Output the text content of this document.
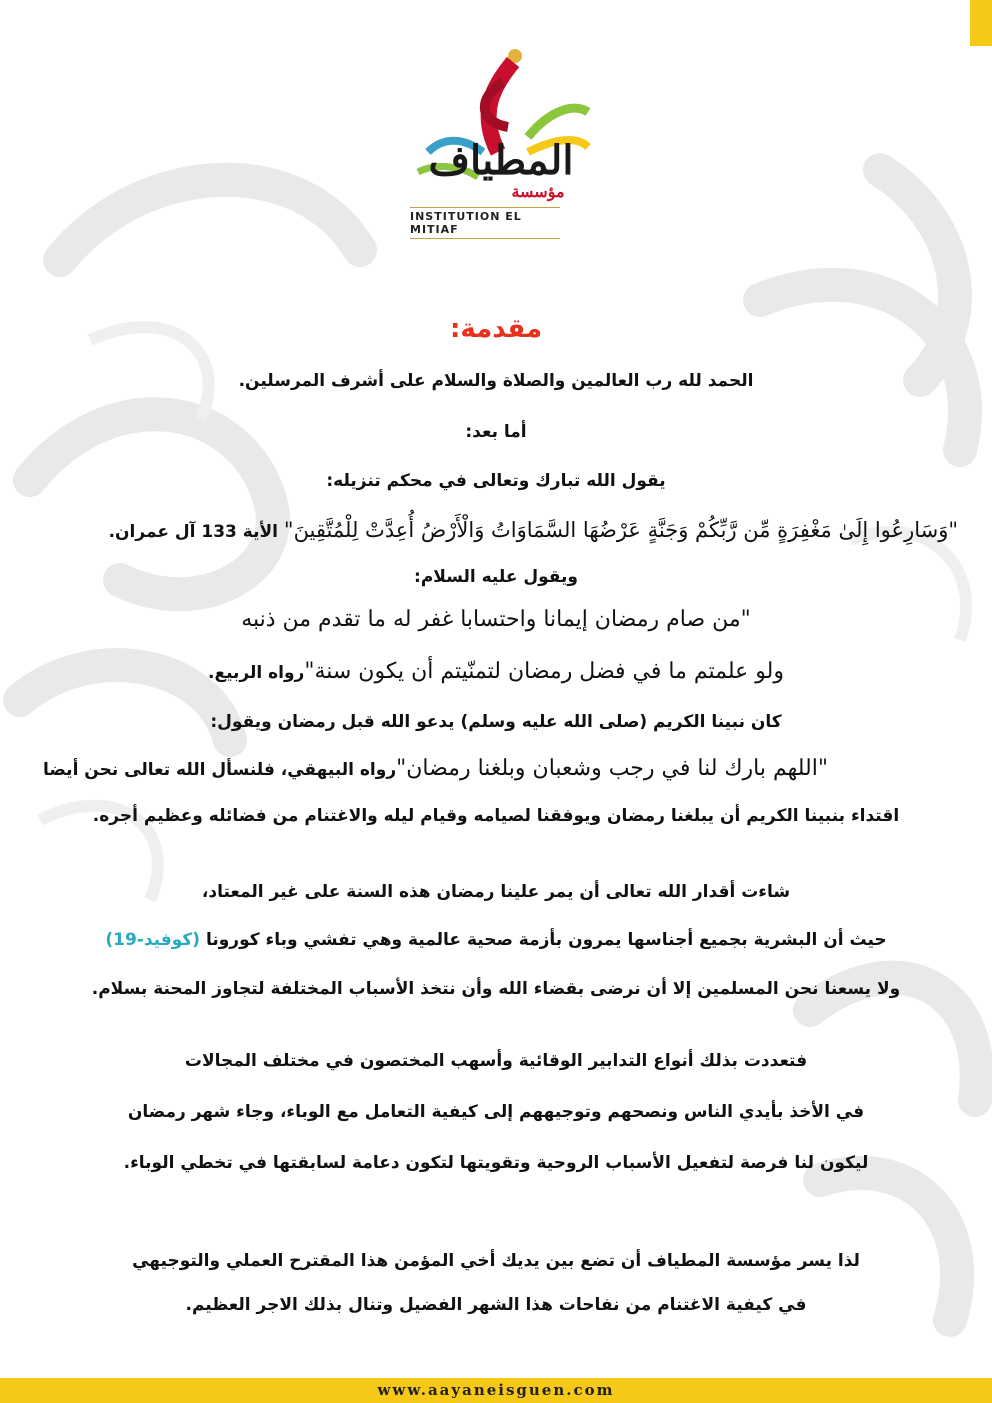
المطياف
مؤسسة
INSTITUTION EL MITIAF
مقدمة:
الحمد لله رب العالمين والصلاة والسلام على أشرف المرسلين.
أما بعد:
يقول الله تبارك وتعالى في محكم تنزيله:
"وَسَارِعُوا إِلَىٰ مَغْفِرَةٍ مِّن رَّبِّكُمْ وَجَنَّةٍ عَرْضُهَا السَّمَاوَاتُ وَالْأَرْضُ أُعِدَّتْ لِلْمُتَّقِينَ" الأية 133 آل عمران.
ويقول عليه السلام:
"من صام رمضان إيمانا واحتسابا غفر له ما تقدم من ذنبه
ولو علمتم ما في فضل رمضان لتمنّيتم أن يكون سنة"رواه الربيع.
كان نبينا الكريم (صلى الله عليه وسلم) يدعو الله قبل رمضان ويقول:
"اللهم بارك لنا في رجب وشعبان وبلغنا رمضان"رواه البيهقي، فلنسأل الله تعالى نحن أيضا
اقتداء بنبينا الكريم أن يبلغنا رمضان ويوفقنا لصيامه وقيام ليله والاغتنام من فضائله وعظيم أجره.
شاءت أقدار الله تعالى أن يمر علينا رمضان هذه السنة على غير المعتاد،
حيث أن البشرية بجميع أجناسها يمرون بأزمة صحية عالمية وهي تفشي وباء كورونا (كوفيد-19)
ولا يسعنا نحن المسلمين إلا أن نرضى بقضاء الله وأن نتخذ الأسباب المختلفة لتجاوز المحنة بسلام.
فتعددت بذلك أنواع التدابير الوقائية وأسهب المختصون في مختلف المجالات
في الأخذ بأيدي الناس ونصحهم وتوجيههم إلى كيفية التعامل مع الوباء، وجاء شهر رمضان
ليكون لنا فرصة لتفعيل الأسباب الروحية وتقويتها لتكون دعامة لسابقتها في تخطي الوباء.
لذا يسر مؤسسة المطياف أن تضع بين يديك أخي المؤمن هذا المقترح العملي والتوجيهي
في كيفية الاغتنام من نفاحات هذا الشهر الفضيل وتنال بذلك الاجر العظيم.
www.aayaneisguen.com
